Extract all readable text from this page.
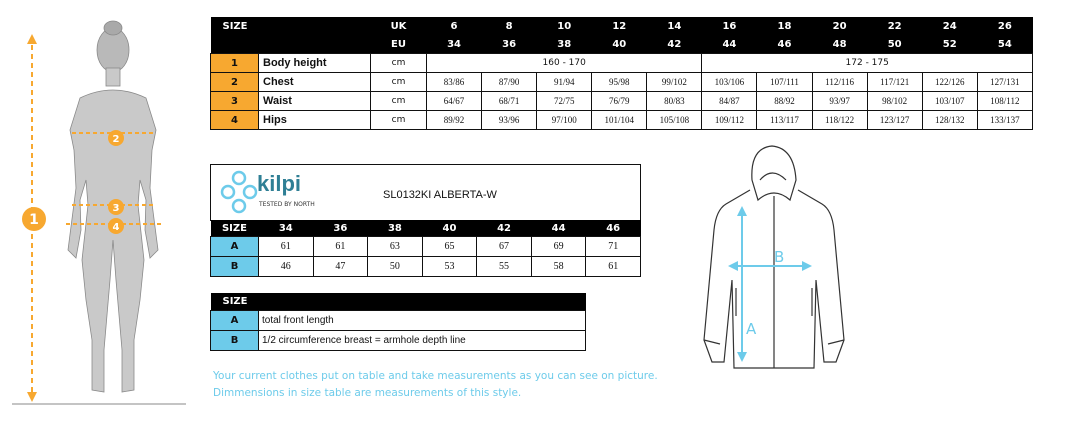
1
2
3
4
SIZE		UK	6	8	10	12	14	16	18	20	22	24	26
		EU	34	36	38	40	42	44	46	48	50	52	54
1	Body height	cm	160 - 170					172 - 175					
2	Chest	cm	83/86	87/90	91/94	95/98	99/102	103/106	107/111	112/116	117/121	122/126	127/131
3	Waist	cm	64/67	68/71	72/75	76/79	80/83	84/87	88/92	93/97	98/102	103/107	108/112
4	Hips	cm	89/92	93/96	97/100	101/104	105/108	109/112	113/117	118/122	123/127	128/132	133/137
kilpi
TESTED BY NORTH
SL0132KI ALBERTA-W
SIZE	34	36	38	40	42	44	46
A	61	61	63	65	67	69	71
B	46	47	50	53	55	58	61
SIZE	
A	total front length
B	1/2 circumference breast = armhole depth line
Your current clothes put on table and take measurements as you can see on picture.
Dimmensions in size table are measurements of this style.
A
B
